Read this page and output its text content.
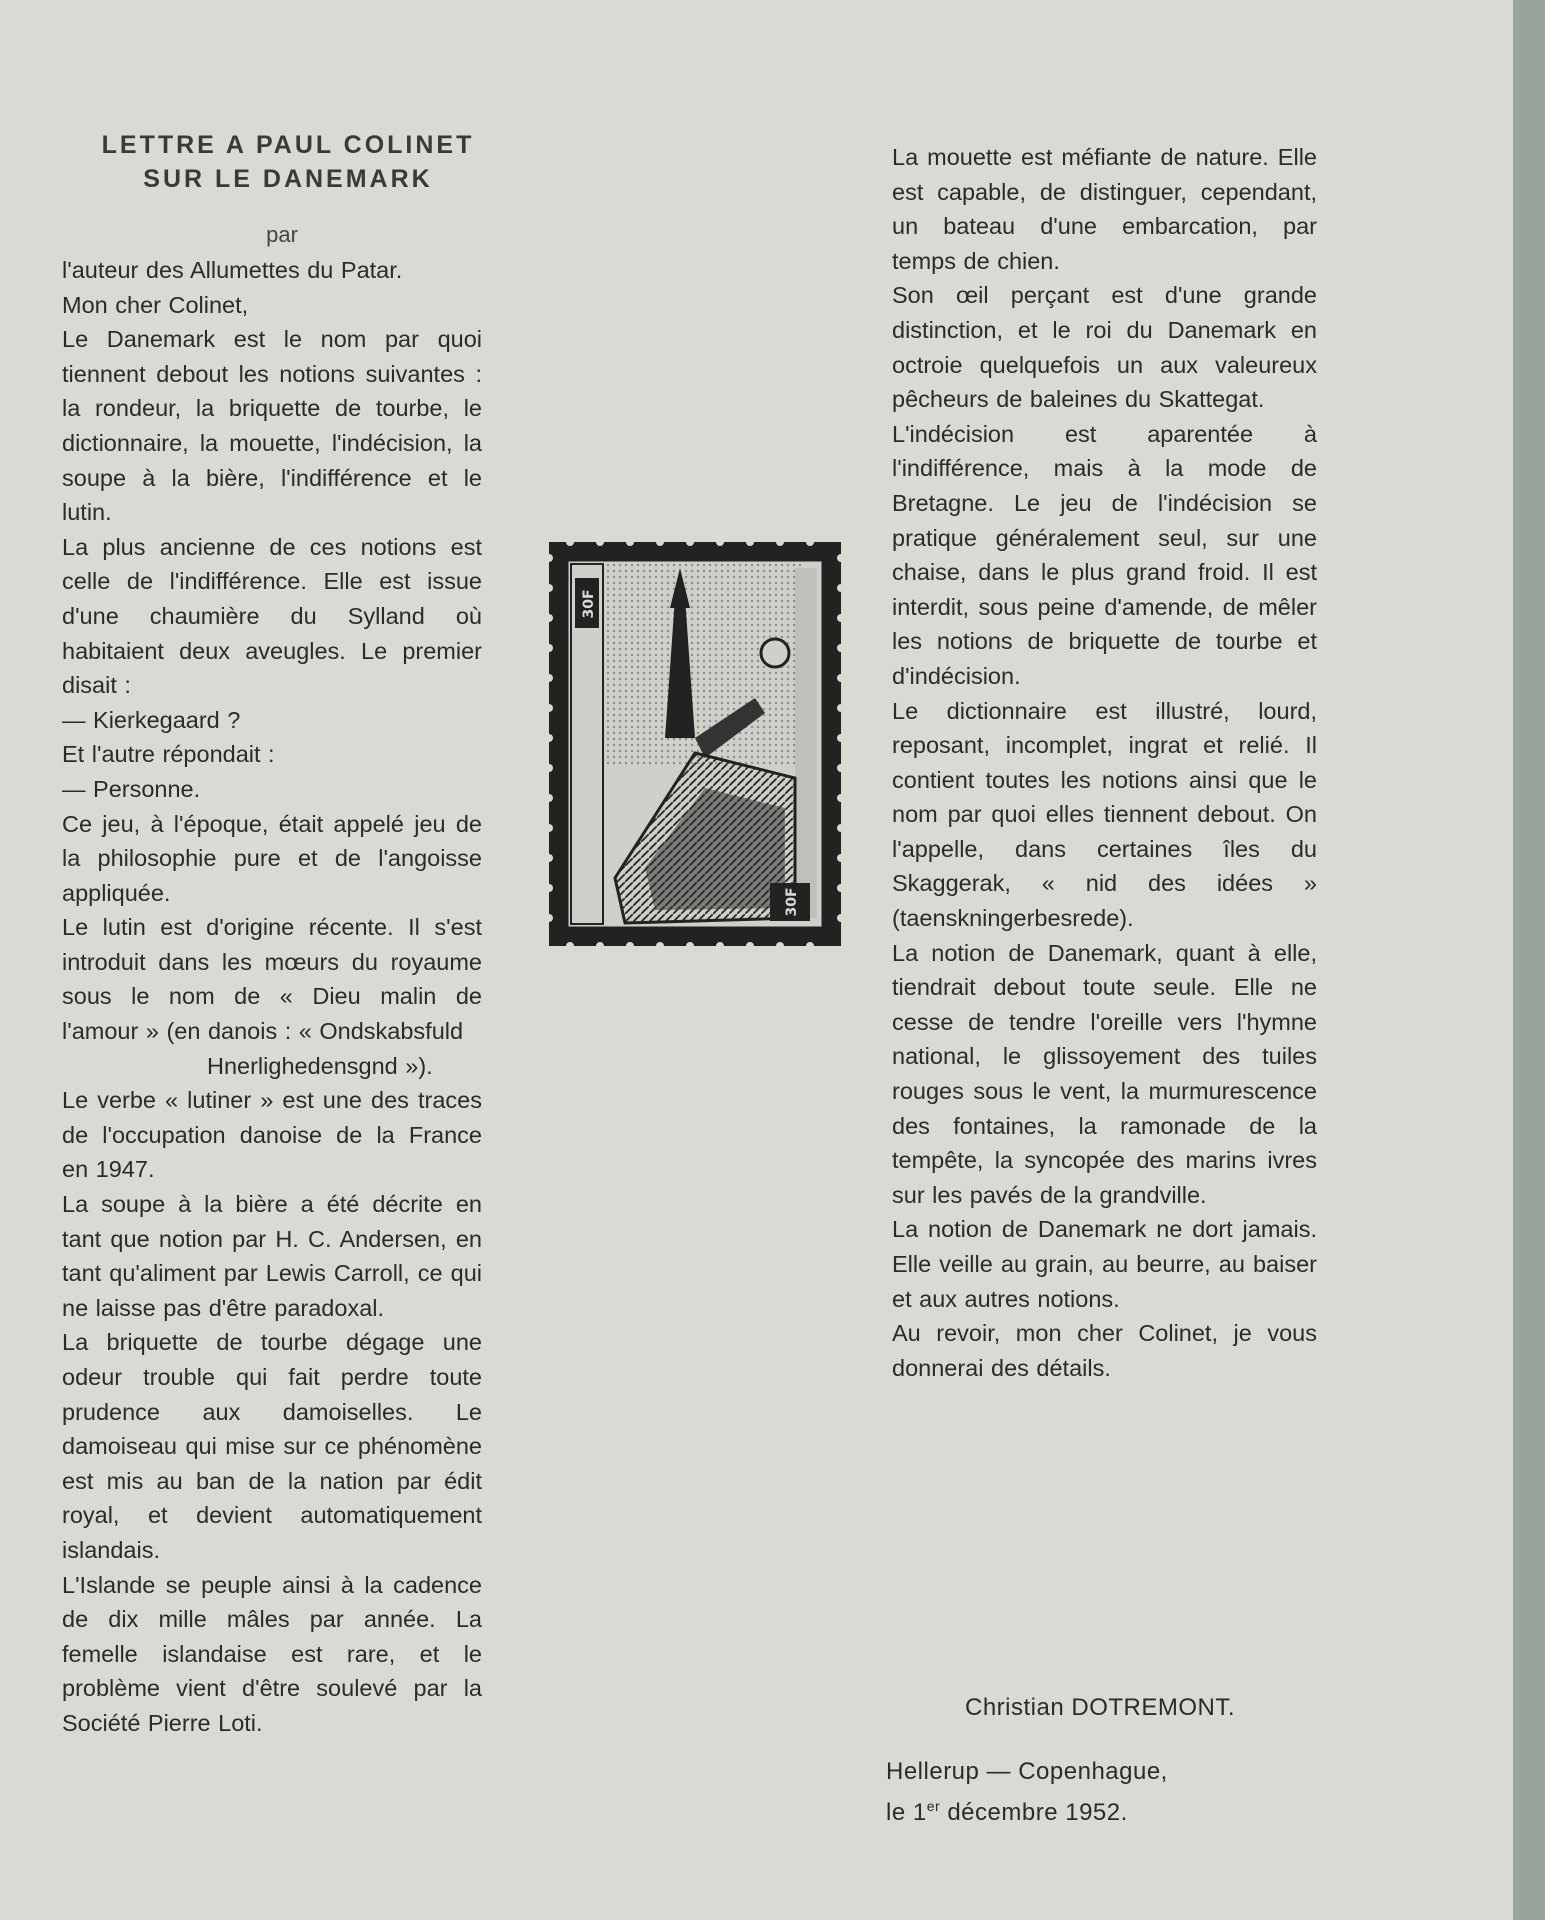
LETTRE A PAUL COLINET
SUR LE DANEMARK
par

l'auteur des Allumettes du Patar.

Mon cher Colinet,

Le Danemark est le nom par quoi tiennent debout les notions suivantes : la rondeur, la briquette de tourbe, le dictionnaire, la mouette, l'indécision, la soupe à la bière, l'indifférence et le lutin.

La plus ancienne de ces notions est celle de l'indifférence. Elle est issue d'une chaumière du Sylland où habitaient deux aveugles. Le premier disait :

— Kierkegaard ?

Et l'autre répondait :

— Personne.

Ce jeu, à l'époque, était appelé jeu de la philosophie pure et de l'angoisse appliquée.

Le lutin est d'origine récente. Il s'est introduit dans les mœurs du royaume sous le nom de « Dieu malin de l'amour » (en danois : « Ondskabsfuld

Hnerlighedensgnd »).

Le verbe « lutiner » est une des traces de l'occupation danoise de la France en 1947.

La soupe à la bière a été décrite en tant que notion par H. C. Andersen, en tant qu'aliment par Lewis Carroll, ce qui ne laisse pas d'être paradoxal.

La briquette de tourbe dégage une odeur trouble qui fait perdre toute prudence aux damoiselles. Le damoiseau qui mise sur ce phénomène est mis au ban de la nation par édit royal, et devient automatiquement islandais.

L'Islande se peuple ainsi à la cadence de dix mille mâles par année. La femelle islandaise est rare, et le problème vient d'être soulevé par la Société Pierre Loti.

30F
30F

La mouette est méfiante de nature. Elle est capable, de distinguer, cependant, un bateau d'une embarcation, par temps de chien.

Son œil perçant est d'une grande distinction, et le roi du Danemark en octroie quelquefois un aux valeureux pêcheurs de baleines du Skattegat.

L'indécision est aparentée à l'indifférence, mais à la mode de Bretagne. Le jeu de l'indécision se pratique généralement seul, sur une chaise, dans le plus grand froid. Il est interdit, sous peine d'amende, de mêler les notions de briquette de tourbe et d'indécision.

Le dictionnaire est illustré, lourd, reposant, incomplet, ingrat et relié. Il contient toutes les notions ainsi que le nom par quoi elles tiennent debout. On l'appelle, dans certaines îles du Skaggerak, « nid des idées » (taenskningerbesrede).

La notion de Danemark, quant à elle, tiendrait debout toute seule. Elle ne cesse de tendre l'oreille vers l'hymne national, le glissoyement des tuiles rouges sous le vent, la murmurescence des fontaines, la ramonade de la tempête, la syncopée des marins ivres sur les pavés de la grandville.

La notion de Danemark ne dort jamais. Elle veille au grain, au beurre, au baiser et aux autres notions.

Au revoir, mon cher Colinet, je vous donnerai des détails.

Christian DOTREMONT.
Hellerup — Copenhague,
le 1er décembre 1952.
